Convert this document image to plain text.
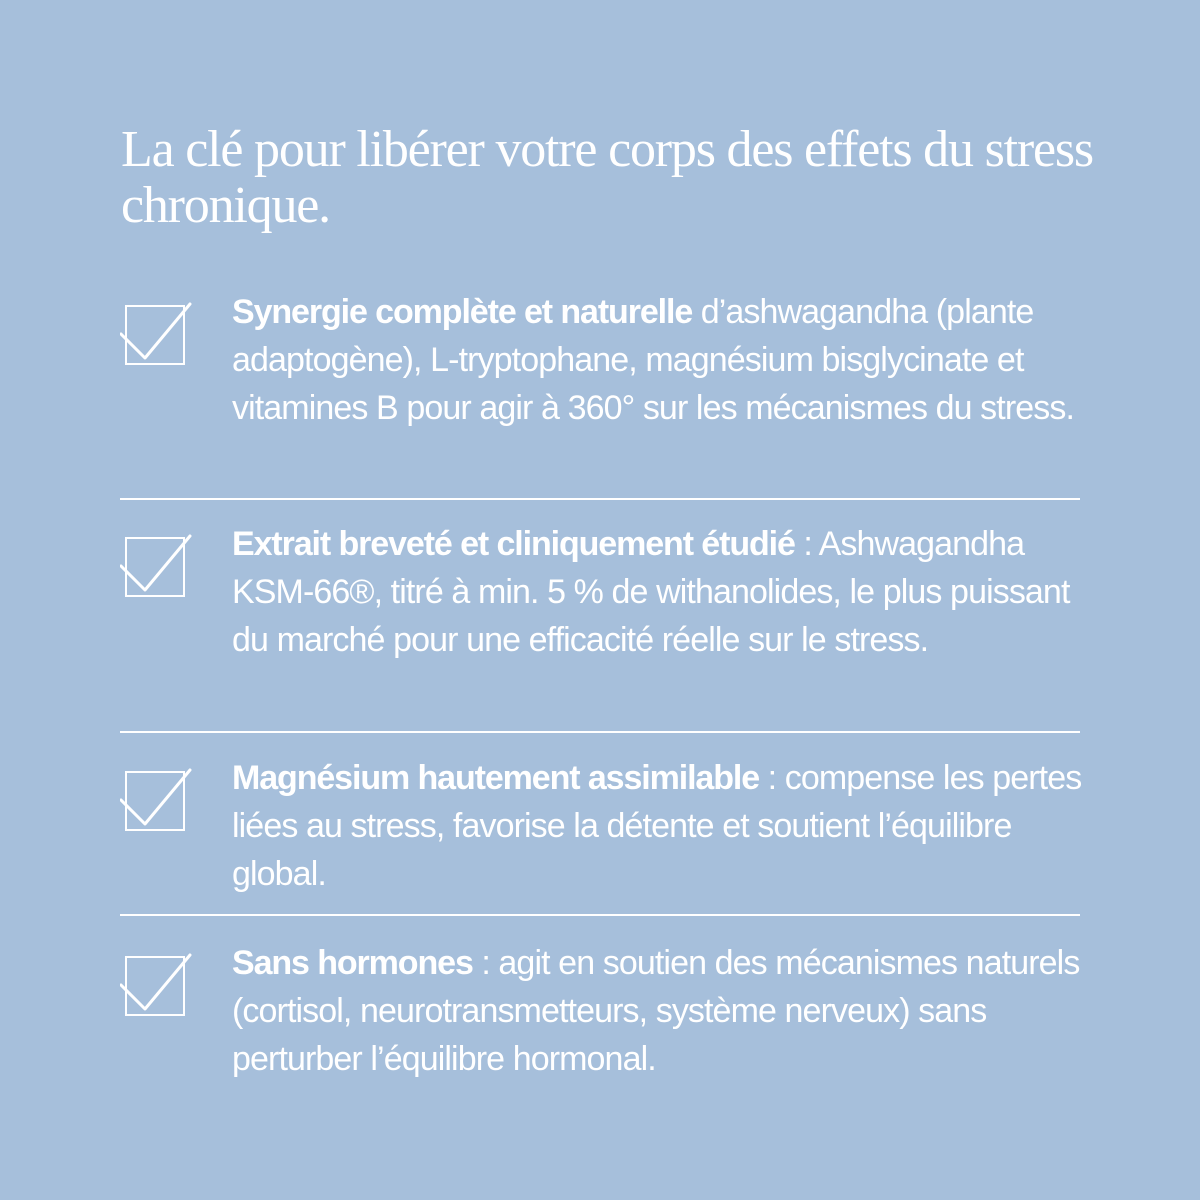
La clé pour libérer votre corps des effets du stress chronique.

Synergie complète et naturelle d’ashwagandha (plante adaptogène), L-tryptophane, magnésium bisglycinate et vitamines B pour agir à 360° sur les mécanismes du stress.

Extrait breveté et cliniquement étudié : Ashwagandha KSM-66®, titré à min. 5 % de withanolides, le plus puissant du marché pour une efficacité réelle sur le stress.

Magnésium hautement assimilable : compense les pertes liées au stress, favorise la détente et soutient l’équilibre global.

Sans hormones : agit en soutien des mécanismes naturels (cortisol, neurotransmetteurs, système nerveux) sans perturber l’équilibre hormonal.
